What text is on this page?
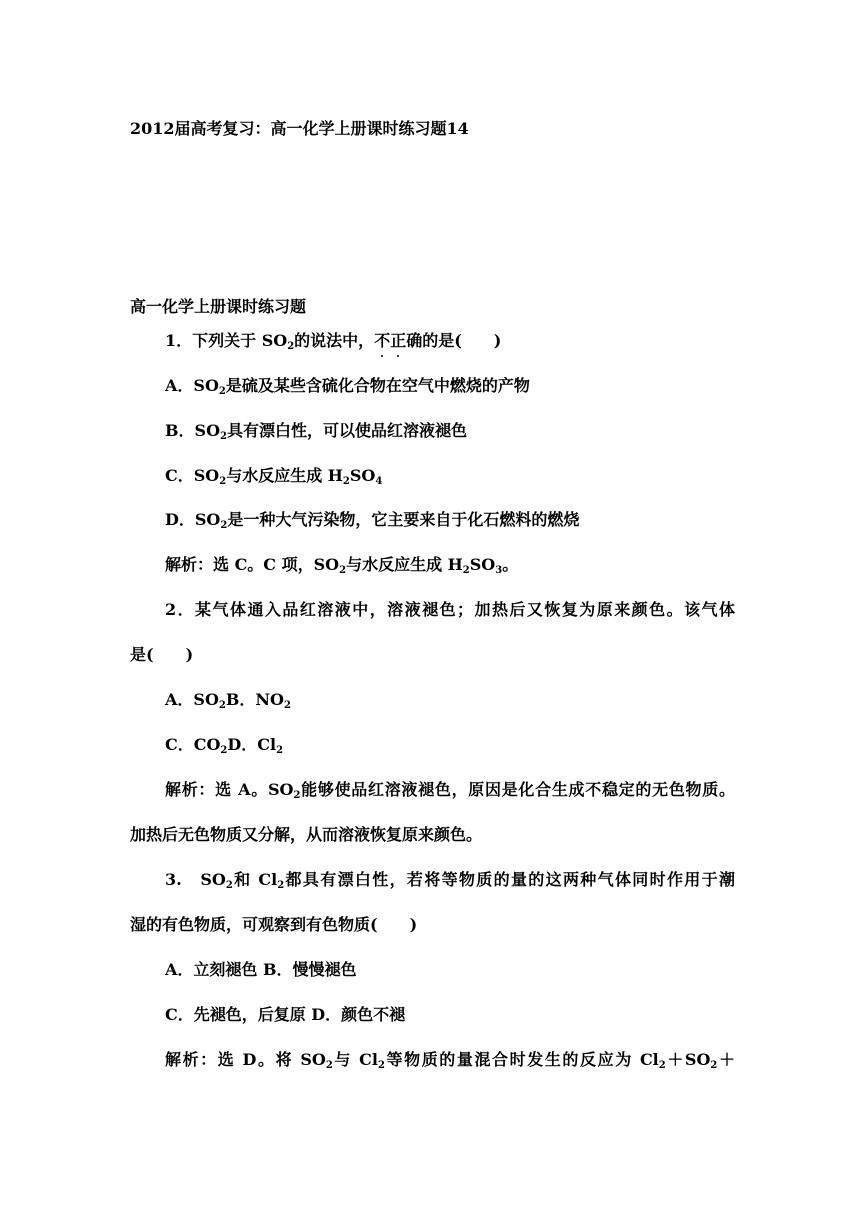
2012届高考复习：高一化学上册课时练习题14
高一化学上册课时练习题
1．下列关于 $SO_2$的说法中，不正确的是(　　)
A．$SO_2$是硫及某些含硫化合物在空气中燃烧的产物
B．$SO_2$具有漂白性，可以使品红溶液褪色
C．$SO_2$与水反应生成 $H_2SO_4$
D．$SO_2$是一种大气污染物，它主要来自于化石燃料的燃烧
解析：选 C。C 项，$SO_2$与水反应生成 $H_2SO_3$。
2．某气体通入品红溶液中，溶液褪色；加热后又恢复为原来颜色。该气体
是(　　)
A．$SO_2B$．$NO_2$
C．$CO_2D$．$Cl_2$
解析：选 A。$SO_2$能够使品红溶液褪色，原因是化合生成不稳定的无色物质。
加热后无色物质又分解，从而溶液恢复原来颜色。
3.　$SO_2$和 $Cl_2$都具有漂白性，若将等物质的量的这两种气体同时作用于潮
湿的有色物质，可观察到有色物质(　　)
A．立刻褪色 B．慢慢褪色
C．先褪色，后复原 D．颜色不褪
解析：选 D。将 $SO_2$与 $Cl_2$等物质的量混合时发生的反应为 $Cl_2+SO_2+$
